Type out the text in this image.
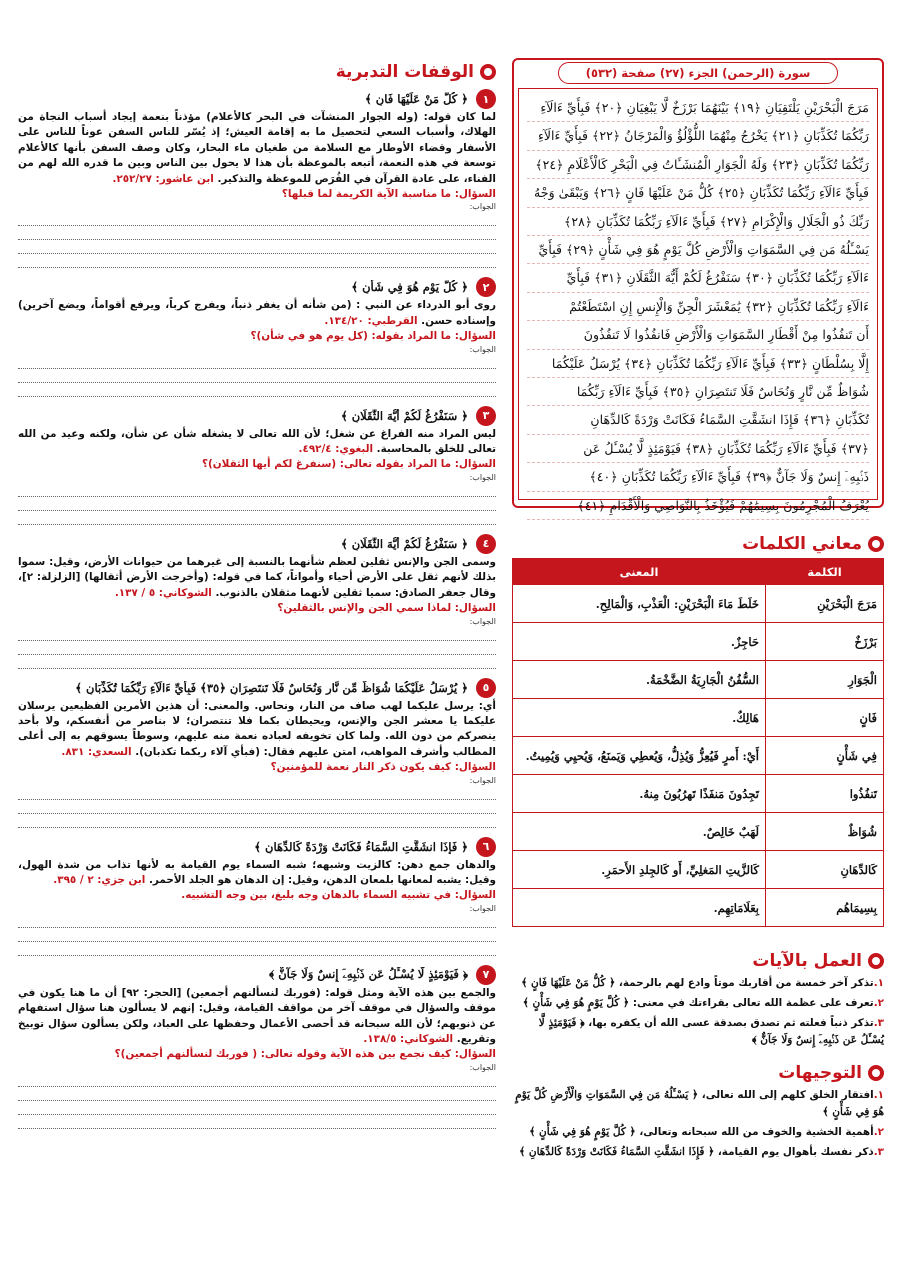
الوقفات التدبرية
١
﴿ كُلُّ مَنْ عَلَيْهَا فَانٍ ﴾
لما كان قوله: (وله الجوار المنشآت في البحر كالأعلام) مؤذناً بنعمة إيجاد أسباب النجاة من الهلاك، وأسباب السعي لتحصيل ما به إقامة العيش؛ إذ يُسّر للناس السفن عوناً للناس على الأسفار وقضاء الأوطار مع السلامة من طغيان ماء البحار، وكان وصف السفن بأنها كالأعلام توسعة في هذه النعمة، أتبعه بالموعظة بأن هذا لا يحول بين الناس وبين ما قدره الله لهم من الفناء، على عادة القرآن في الفُرَص للموعظة والتذكير. ابن عاشور: ٢٥٢/٢٧.
السؤال: ما مناسبة الآية الكريمة لما قبلها؟
الجواب:
٢
﴿ كُلَّ يَوْمٍ هُوَ فِي شَأْنٍ ﴾
روى أبو الدرداء عن النبي : (من شأنه أن يغفر ذنباً، ويفرج كرباً، ويرفع أقواماً، ويضع آخرين) وإسناده حسن. القرطبي: ١٣٤/٢٠.
السؤال: ما المراد بقوله: (كل يوم هو في شأن)؟
الجواب:
٣
﴿ سَنَفْرُغُ لَكُمْ أَيُّهَ الثَّقَلَانِ ﴾
ليس المراد منه الفراغ عن شغل؛ لأن الله تعالى لا يشغله شأن عن شأن، ولكنه وعيد من الله تعالى للخلق بالمحاسبة. البغوي: ٤٩٢/٤.
السؤال: ما المراد بقوله تعالى: (سنفرغ لكم أيها الثقلان)؟
الجواب:
٤
﴿ سَنَفْرُغُ لَكُمْ أَيُّهَ الثَّقَلَانِ ﴾
وسمى الجن والإنس ثقلين لعظم شأنهما بالنسبة إلى غيرهما من حيوانات الأرض، وقيل: سموا بذلك لأنهم ثقل على الأرض أحياء وأمواتاً، كما في قوله: (وأخرجت الأرض أثقالها) [الزلزلة: ٢]، وقال جعفر الصادق: سميا ثقلين لأنهما مثقلان بالذنوب. الشوكاني: ٥ / ١٣٧.
السؤال: لماذا سمي الجن والإنس بالثقلين؟
الجواب:
٥
﴿ يُرْسَلُ عَلَيْكُمَا شُوَاظٌ مِّن نَّارٍ وَنُحَاسٌ فَلَا تَنتَصِرَانِ ﴿٣٥﴾ فَبِأَيِّ ءَالَآءِ رَبِّكُمَا تُكَذِّبَانِ ﴾
أي: يرسل عليكما لهب صاف من النار، ونحاس. والمعنى: أن هذين الأمرين الفظيعين يرسلان عليكما يا معشر الجن والإنس، ويحيطان بكما فلا تنتصران؛ لا بناصر من أنفسكم، ولا بأحد ينصركم من دون الله. ولما كان تخويفه لعباده نعمة منه عليهم، وسوطاً يسوقهم به إلى أعلى المطالب وأشرف المواهب، امتن عليهم فقال: (فبأي آلاء ربكما تكذبان). السعدي: ٨٣١.
السؤال: كيف يكون ذكر النار نعمة للمؤمنين؟
الجواب:
٦
﴿ فَإِذَا انشَقَّتِ السَّمَاءُ فَكَانَتْ وَرْدَةً كَالدِّهَانِ ﴾
والدهان جمع دهن: كالزيت وشبهه؛ شبه السماء يوم القيامة به لأنها تذاب من شدة الهول، وقيل: يشبه لمعانها بلمعان الدهن، وقيل: إن الدهان هو الجلد الأحمر. ابن جزي: ٢ / ٣٩٥.
السؤال: في تشبيه السماء بالدهان وجه بليغ، بين وجه التشبيه.
الجواب:
٧
﴿ فَيَوْمَئِذٍ لَّا يُسْـَٔلُ عَن ذَنۢبِهِۦٓ إِنسٌ وَلَا جَآنٌّ ﴾
والجمع بين هذه الآية ومثل قوله: (فوربك لنسألنهم أجمعين) [الحجر: ٩٢] أن ما هنا يكون في موقف والسؤال في موقف آخر من مواقف القيامة، وقيل: إنهم لا يسألون هنا سؤال استفهام عن ذنوبهم؛ لأن الله سبحانه قد أحصى الأعمال وحفظها على العباد، ولكن يسألون سؤال توبيخ وتقريع. الشوكاني: ١٣٨/٥.
السؤال: كيف نجمع بين هذه الآية وقوله تعالى: ( فوربك لنسألنهم أجمعين)؟
الجواب:
سورة (الرحمن) الجزء (٢٧) صفحة (٥٣٢)
مَرَجَ الْبَحْرَيْنِ يَلْتَقِيَانِ ﴿١٩﴾ بَيْنَهُمَا بَرْزَخٌ لَّا يَبْغِيَانِ ﴿٢٠﴾ فَبِأَيِّ ءَالَآءِ
رَبِّكُمَا تُكَذِّبَانِ ﴿٢١﴾ يَخْرُجُ مِنْهُمَا اللُّؤْلُؤُ وَالْمَرْجَانُ ﴿٢٢﴾ فَبِأَيِّ ءَالَآءِ
رَبِّكُمَا تُكَذِّبَانِ ﴿٢٣﴾ وَلَهُ الْجَوَارِ الْمُنشَـَٔاتُ فِي الْبَحْرِ كَالْأَعْلَامِ ﴿٢٤﴾
فَبِأَيِّ ءَالَآءِ رَبِّكُمَا تُكَذِّبَانِ ﴿٢٥﴾ كُلُّ مَنْ عَلَيْهَا فَانٍ ﴿٢٦﴾ وَيَبْقَىٰ وَجْهُ
رَبِّكَ ذُو الْجَلَالِ وَالْإِكْرَامِ ﴿٢٧﴾ فَبِأَيِّ ءَالَآءِ رَبِّكُمَا تُكَذِّبَانِ ﴿٢٨﴾
يَسْـَٔلُهُ مَن فِي السَّمَوَاتِ وَالْأَرْضِ كُلَّ يَوْمٍ هُوَ فِي شَأْنٍ ﴿٢٩﴾ فَبِأَيِّ
ءَالَآءِ رَبِّكُمَا تُكَذِّبَانِ ﴿٣٠﴾ سَنَفْرُغُ لَكُمْ أَيُّهَ الثَّقَلَانِ ﴿٣١﴾ فَبِأَيِّ
ءَالَآءِ رَبِّكُمَا تُكَذِّبَانِ ﴿٣٢﴾ يَٰمَعْشَرَ الْجِنِّ وَالْإِنسِ إِنِ اسْتَطَعْتُمْ
أَن تَنفُذُوا مِنْ أَقْطَارِ السَّمَوَاتِ وَالْأَرْضِ فَانفُذُوا لَا تَنفُذُونَ
إِلَّا بِسُلْطَانٍ ﴿٣٣﴾ فَبِأَيِّ ءَالَآءِ رَبِّكُمَا تُكَذِّبَانِ ﴿٣٤﴾ يُرْسَلُ عَلَيْكُمَا
شُوَاظٌ مِّن نَّارٍ وَنُحَاسٌ فَلَا تَنتَصِرَانِ ﴿٣٥﴾ فَبِأَيِّ ءَالَآءِ رَبِّكُمَا
تُكَذِّبَانِ ﴿٣٦﴾ فَإِذَا انشَقَّتِ السَّمَاءُ فَكَانَتْ وَرْدَةً كَالدِّهَانِ
﴿٣٧﴾ فَبِأَيِّ ءَالَآءِ رَبِّكُمَا تُكَذِّبَانِ ﴿٣٨﴾ فَيَوْمَئِذٍ لَّا يُسْـَٔلُ عَن
ذَنۢبِهِۦٓ إِنسٌ وَلَا جَآنٌّ ﴿٣٩﴾ فَبِأَيِّ ءَالَآءِ رَبِّكُمَا تُكَذِّبَانِ ﴿٤٠﴾
يُعْرَفُ الْمُجْرِمُونَ بِسِيمَٰهُمْ فَيُؤْخَذُ بِالنَّوَاصِي وَالْأَقْدَامِ ﴿٤١﴾
معاني الكلمات
الكلمة	المعنى
مَرَجَ الْبَحْرَيْنِ	خَلَطَ مَاءَ الْبَحْرَيْنِ: الْعَذْبِ، وَالْمَالِحِ.
بَرْزَخٌ	حَاجِزٌ.
الْجَوَارِ	السُّفُنُ الْجَارِيَةُ الضَّخْمَةُ.
فَانٍ	هَالِكٌ.
فِي شَأْنٍ	أَيْ: أَمرٍ فَيُعِزُّ وَيُذِلُّ، وَيُعطِي وَيَمنَعُ، وَيُحيِي وَيُمِيتُ.
تَنفُذُوا	تَجِدُونَ مَنفَذًا تَهرُبُونَ مِنهُ.
شُوَاظٌ	لَهَبٌ خَالِصٌ.
كَالدِّهَانِ	كَالزَّيتِ المَغلِيِّ، أَو كَالجِلدِ الأَحمَرِ.
بِسِيمَاهُم	بِعَلَامَاتِهِم.
العمل بالآيات
١.تذكر آخر خمسة من أقاربك موتاً وادع لهم بالرحمة، ﴿ كُلُّ مَنْ عَلَيْهَا فَانٍ ﴾
٢.تعرف على عظمة الله تعالى بقراءتك في معنى: ﴿ كُلَّ يَوْمٍ هُوَ فِي شَأْنٍ ﴾
٣.تذكر ذنباً فعلته ثم تصدق بصدقة عسى الله أن يكفره بها، ﴿ فَيَوْمَئِذٍ لَّا يُسْـَٔلُ عَن ذَنۢبِهِۦٓ إِنسٌ وَلَا جَآنٌّ ﴾
التوجيهات
١.افتقار الخلق كلهم إلى الله تعالى، ﴿ يَسْـَٔلُهُ مَن فِي السَّمَوَاتِ وَالْأَرْضِ كُلَّ يَوْمٍ هُوَ فِي شَأْنٍ ﴾
٢.أهمية الخشية والخوف من الله سبحانه وتعالى، ﴿ كُلَّ يَوْمٍ هُوَ فِي شَأْنٍ ﴾
٣.ذكر نفسك بأهوال يوم القيامة، ﴿ فَإِذَا انشَقَّتِ السَّمَاءُ فَكَانَتْ وَرْدَةً كَالدِّهَانِ ﴾
